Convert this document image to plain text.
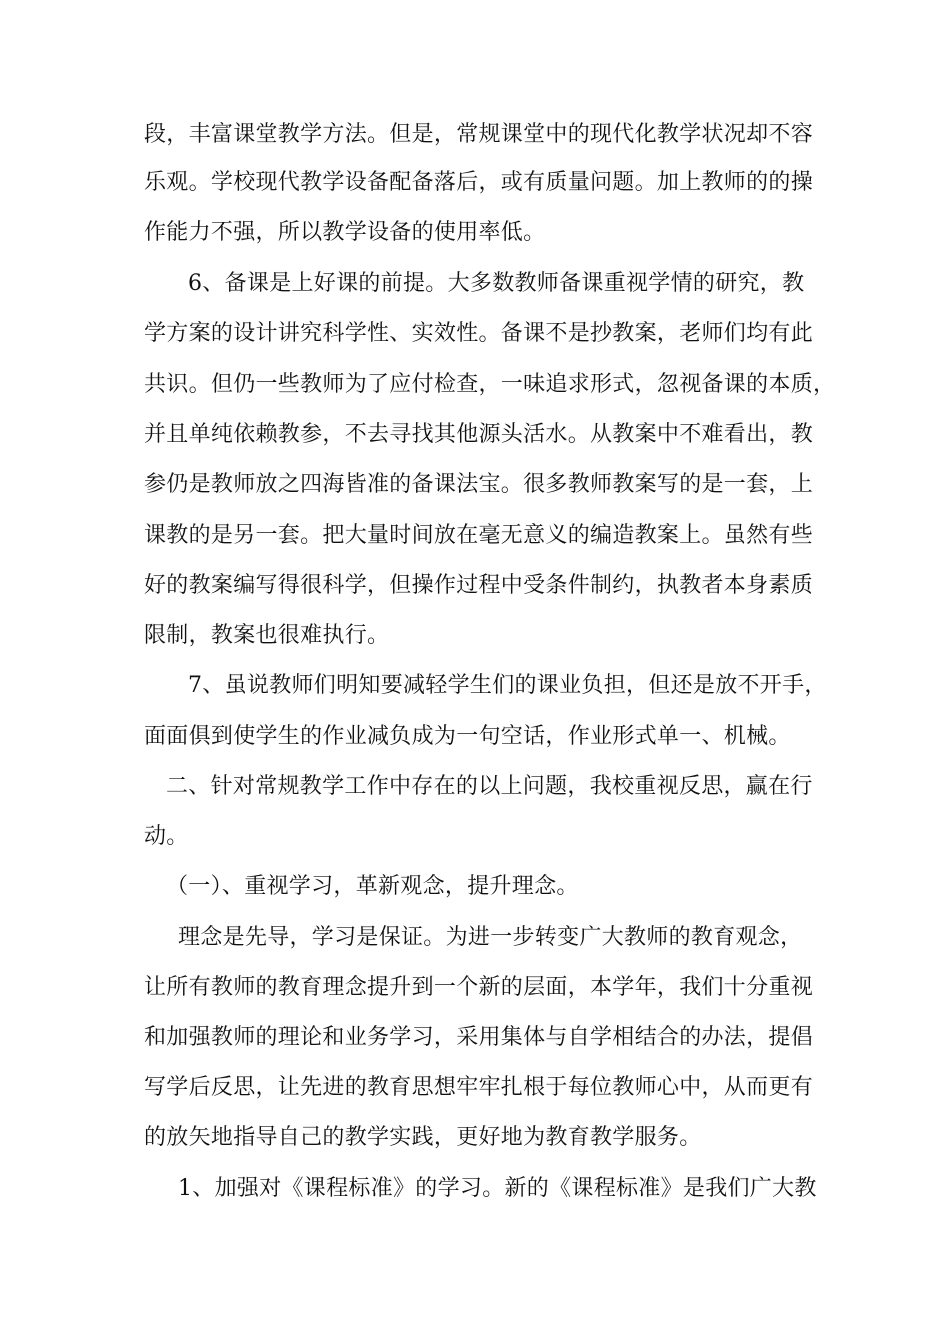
段，丰富课堂教学方法。但是，常规课堂中的现代化教学状况却不容
乐观。学校现代教学设备配备落后，或有质量问题。加上教师的的操
作能力不强，所以教学设备的使用率低。
6、备课是上好课的前提。大多数教师备课重视学情的研究，教
学方案的设计讲究科学性、实效性。备课不是抄教案，老师们均有此
共识。但仍一些教师为了应付检查，一味追求形式，忽视备课的本质，
并且单纯依赖教参，不去寻找其他源头活水。从教案中不难看出，教
参仍是教师放之四海皆准的备课法宝。很多教师教案写的是一套，上
课教的是另一套。把大量时间放在毫无意义的编造教案上。虽然有些
好的教案编写得很科学，但操作过程中受条件制约，执教者本身素质
限制，教案也很难执行。
7、虽说教师们明知要减轻学生们的课业负担，但还是放不开手，
面面俱到使学生的作业减负成为一句空话，作业形式单一、机械。
二、针对常规教学工作中存在的以上问题，我校重视反思，赢在行
动。
（一）、重视学习，革新观念，提升理念。
理念是先导，学习是保证。为进一步转变广大教师的教育观念，
让所有教师的教育理念提升到一个新的层面，本学年，我们十分重视
和加强教师的理论和业务学习，采用集体与自学相结合的办法，提倡
写学后反思，让先进的教育思想牢牢扎根于每位教师心中，从而更有
的放矢地指导自己的教学实践，更好地为教育教学服务。
1、加强对《课程标准》的学习。新的《课程标准》是我们广大教
